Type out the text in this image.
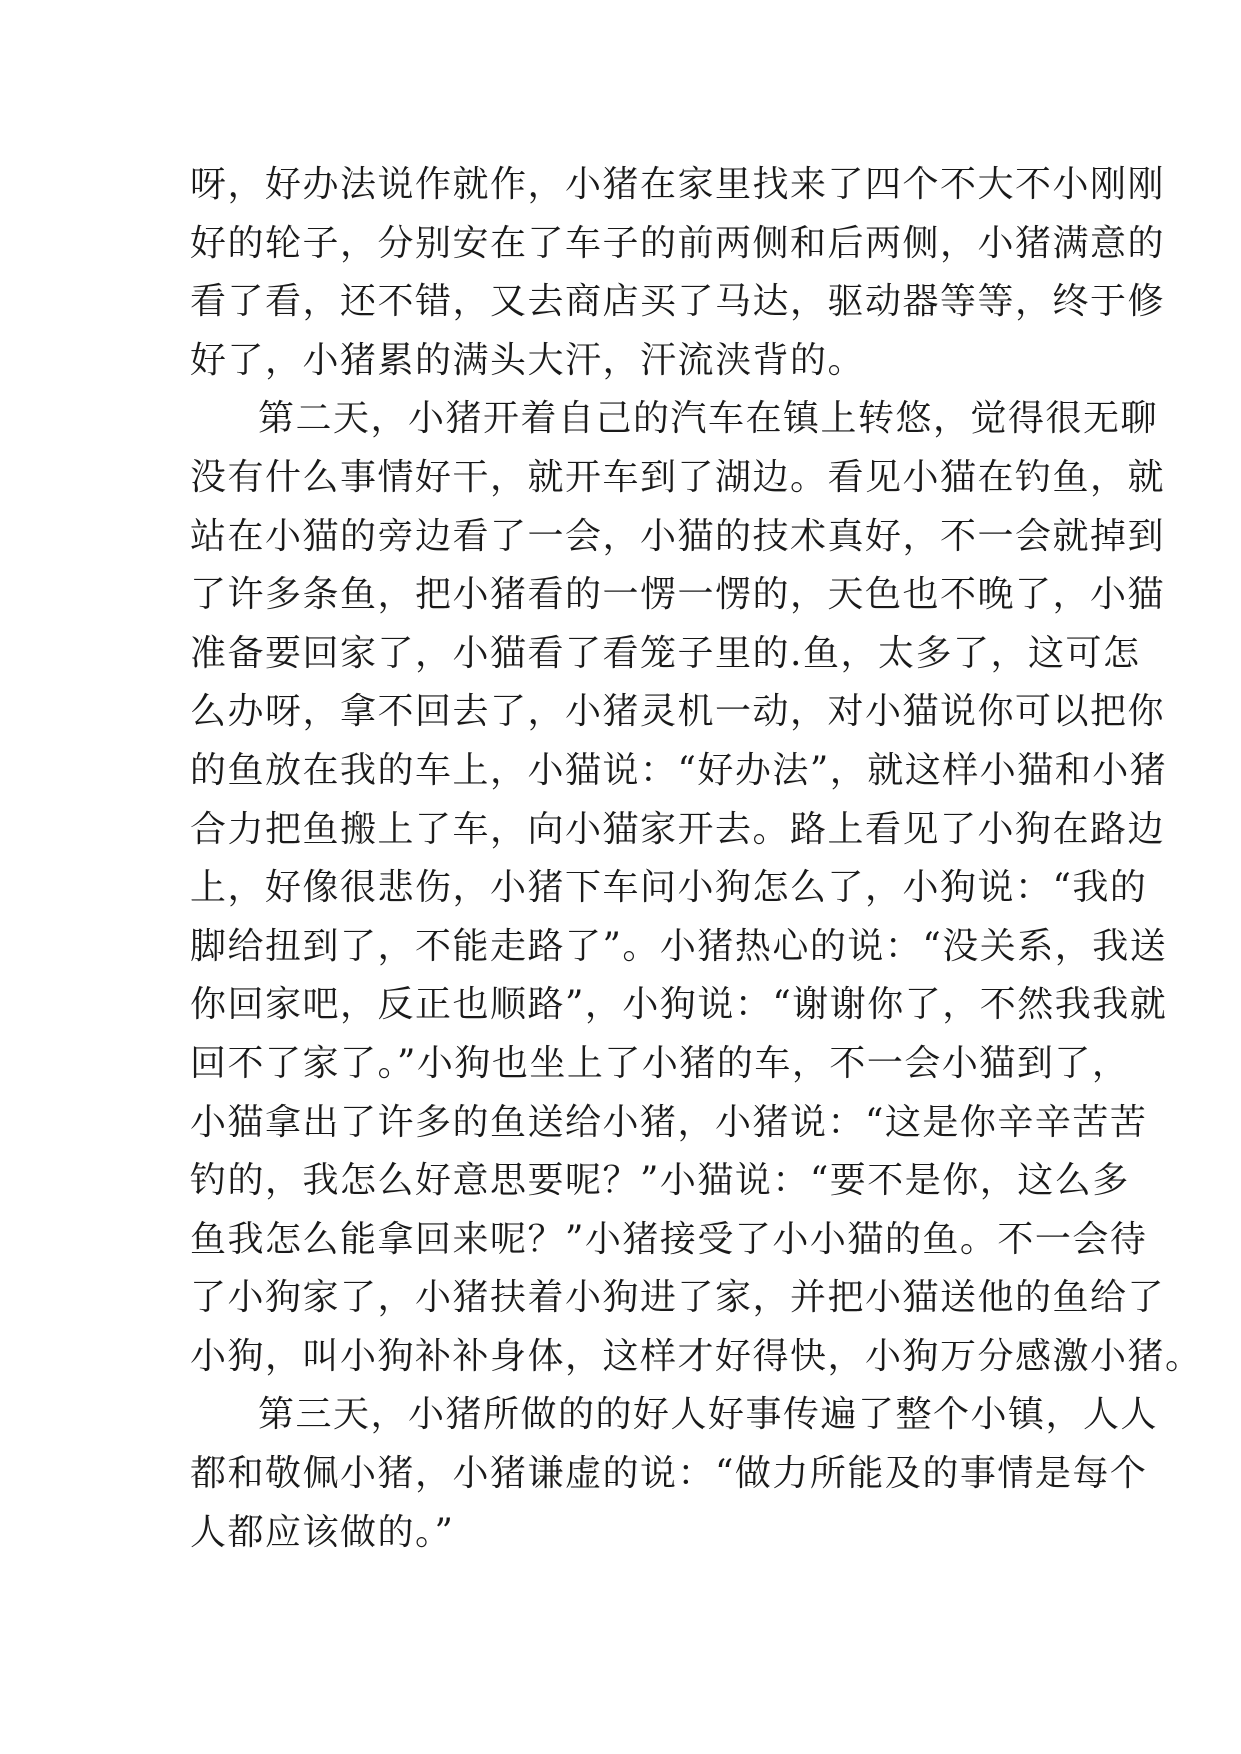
呀，好办法说作就作，小猪在家里找来了四个不大不小刚刚
好的轮子，分别安在了车子的前两侧和后两侧，小猪满意的
看了看，还不错，又去商店买了马达，驱动器等等，终于修
好了，小猪累的满头大汗，汗流浃背的。
第二天，小猪开着自己的汽车在镇上转悠，觉得很无聊
没有什么事情好干，就开车到了湖边。看见小猫在钓鱼，就
站在小猫的旁边看了一会，小猫的技术真好，不一会就掉到
了许多条鱼，把小猪看的一愣一愣的，天色也不晚了，小猫
准备要回家了，小猫看了看笼子里的.鱼，太多了，这可怎
么办呀，拿不回去了，小猪灵机一动，对小猫说你可以把你
的鱼放在我的车上，小猫说：“好办法”，就这样小猫和小猪
合力把鱼搬上了车，向小猫家开去。路上看见了小狗在路边
上，好像很悲伤，小猪下车问小狗怎么了，小狗说：“我的
脚给扭到了，不能走路了”。小猪热心的说：“没关系，我送
你回家吧，反正也顺路”，小狗说：“谢谢你了，不然我我就
回不了家了。”小狗也坐上了小猪的车，不一会小猫到了，
小猫拿出了许多的鱼送给小猪，小猪说：“这是你辛辛苦苦
钓的，我怎么好意思要呢？”小猫说：“要不是你，这么多
鱼我怎么能拿回来呢？”小猪接受了小小猫的鱼。不一会待
了小狗家了，小猪扶着小狗进了家，并把小猫送他的鱼给了
小狗，叫小狗补补身体，这样才好得快，小狗万分感激小猪。
第三天，小猪所做的的好人好事传遍了整个小镇，人人
都和敬佩小猪，小猪谦虚的说：“做力所能及的事情是每个
人都应该做的。”
